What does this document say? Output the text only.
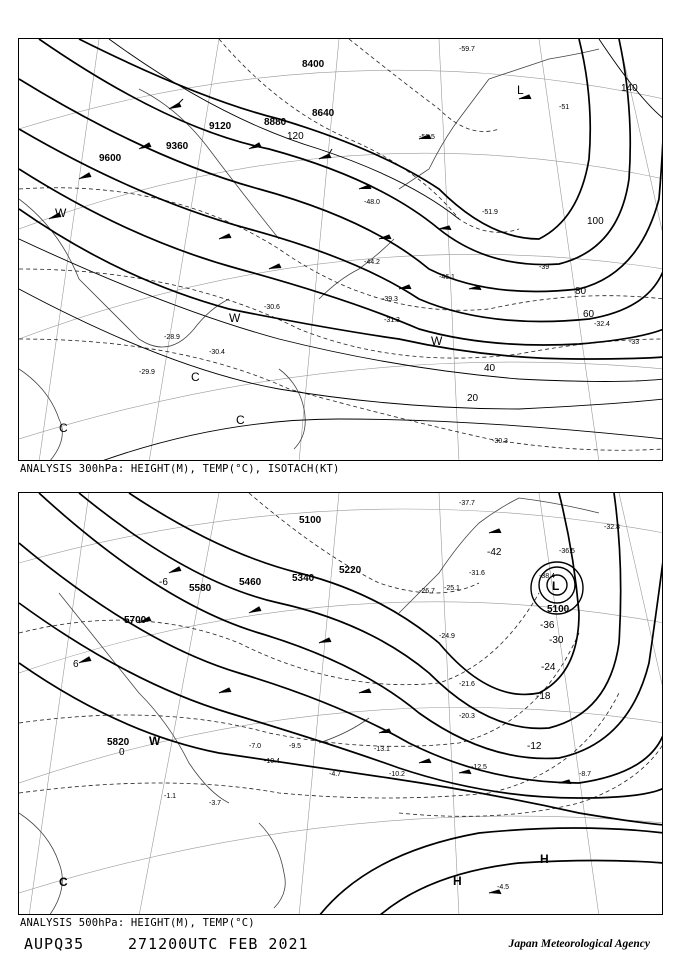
8400
8640
8880
9120
9360
9600
120
100
80
60
40
20
140
-51
-50.5
-48.0
-44.2
-39.3
-31.3
-30.4
-28.9
-29.9
-30.6
-51.9
-32.4
-33
-39
-46.1
-59.7
L
C
C
C
W
W
W
-30.3
ANALYSIS 300hPa: HEIGHT(M), TEMP(°C), ISOTACH(KT)
5100
5220
5340
5460
5580
5700
5820
5100
-42
-36
-30
-24
-18
-12
-6
0
6
-37.7
-38.4
-36.5
-32.8
-31.6
-26.7 -25.1
-24.9
-21.6
-20.3
-13.1
-12.5
-10.2	-8.7
-4.5
-4.7
-9.5
-10.4
-7.0
-1.1
-3.7
L
H
H
C
W
ANALYSIS 500hPa: HEIGHT(M), TEMP(°C)
AUPQ35	271200UTC FEB 2021	Japan Meteorological Agency
